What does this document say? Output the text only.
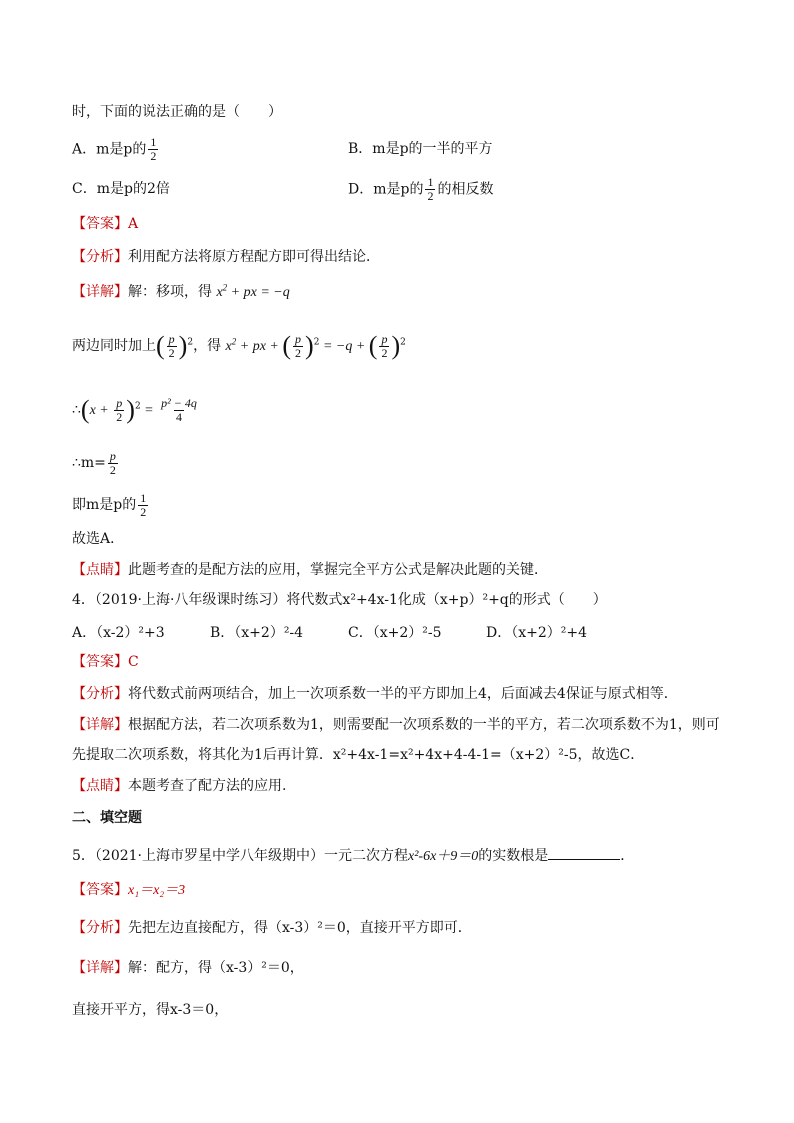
时，下面的说法正确的是（　　）
A．m是p的 $\frac{1}{2}$	B．m是p的一半的平方
C．m是p的2倍	D．m是p的 $\frac{1}{2}$ 的相反数
【答案】A
【分析】利用配方法将原方程配方即可得出结论．
【详解】解：移项，得 $x^2$ + px = −q
两边同时加上( $\frac{p}{2} )^2$，得 $x^2$ + px + ( $\frac{p}{2} )^2 = -q$ + ( $\frac{p}{2} )^2$
∴(x + $\frac{p}{2} )^2 = \frac{\text{p² − 4q}}{4}$
∴m= $\frac{p}{2}$
即m是p的 $\frac{1}{2}$
故选A．
【点睛】此题考查的是配方法的应用，掌握完全平方公式是解决此题的关键．
4．（2019·上海·八年级课时练习）将代数式x²+4x-1化成（x+p）²+q的形式（　　）
A．（x-2）²+3	B．（x+2）²-4	C．（x+2）²-5	D．（x+2）²+4
【答案】C
【分析】将代数式前两项结合，加上一次项系数一半的平方即加上4，后面减去4保证与原式相等．
【详解】根据配方法，若二次项系数为1，则需要配一次项系数的一半的平方，若二次项系数不为1，则可
先提取二次项系数，将其化为1后再计算．x²+4x-1=x²+4x+4-4-1=（x+2）²-5，故选C．
【点睛】本题考查了配方法的应用.
二、填空题
5．（2021·上海市罗星中学八年级期中）一元二次方程x²-6x＋9＝0的实数根是	．
【答案】x₁＝x₂＝3
【分析】先把左边直接配方，得（x-3）²＝0，直接开平方即可．
【详解】解：配方，得（x-3）²＝0，
直接开平方，得x-3＝0，
